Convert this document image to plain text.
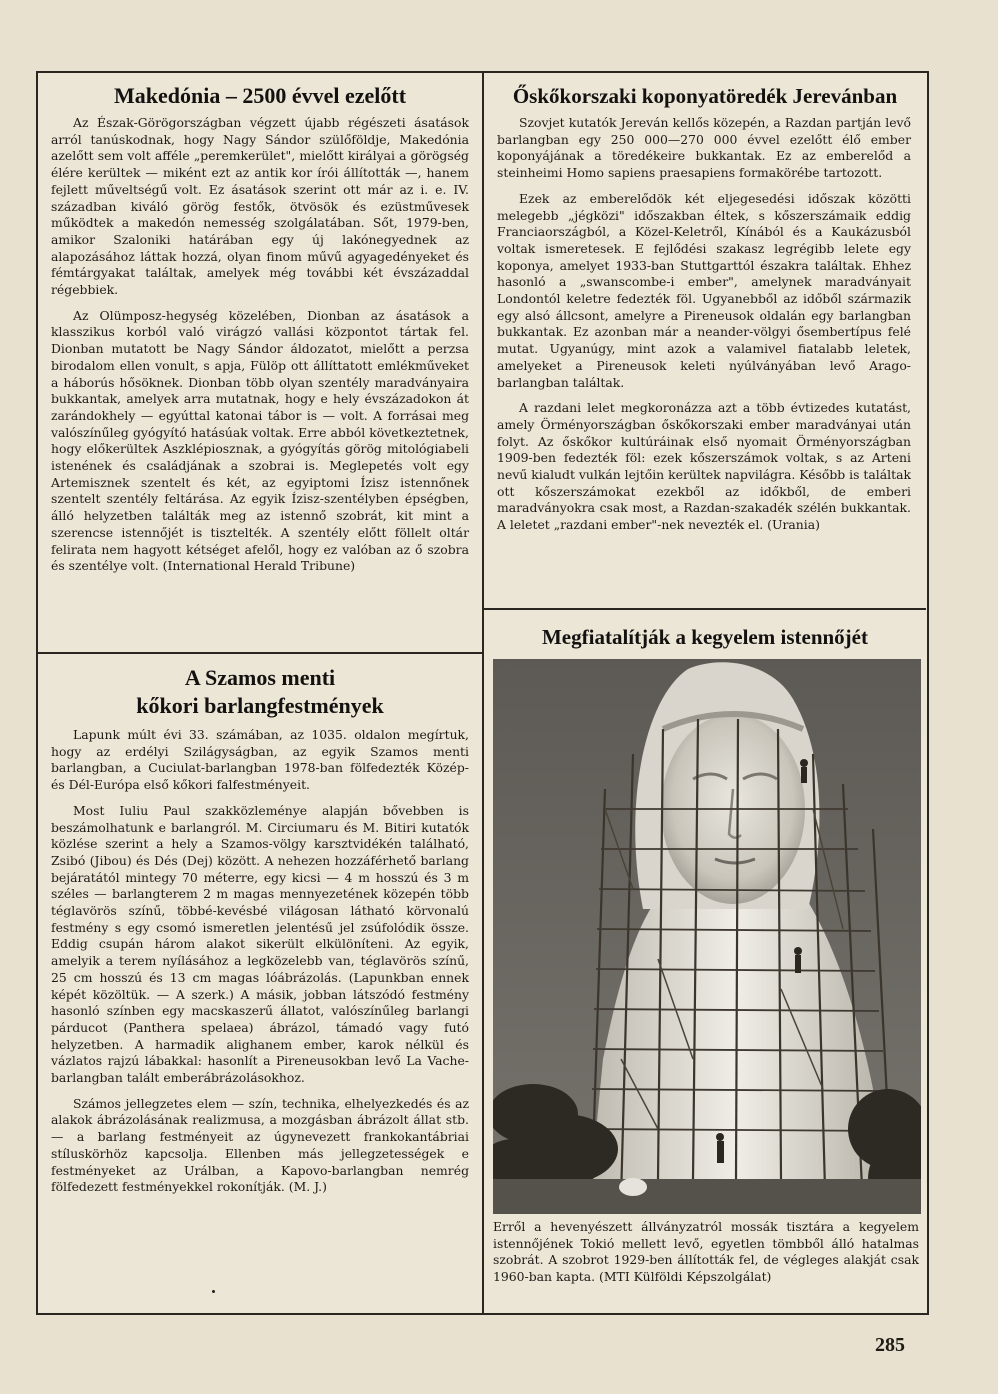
Makedónia – 2500 évvel ezelőtt

Az Észak-Görögországban végzett újabb régészeti ásatások arról tanúskodnak, hogy Nagy Sándor szülőföldje, Makedónia azelőtt sem volt afféle „peremkerület", mielőtt királyai a görögség élére kerültek — miként ezt az antik kor írói állították —, hanem fejlett műveltségű volt. Ez ásatások szerint ott már az i. e. IV. században kiváló görög festők, ötvösök és ezüstművesek működtek a makedón nemesség szolgálatában. Sőt, 1979-ben, amikor Szaloniki határában egy új lakónegyednek az alapozásához láttak hozzá, olyan finom művű agyagedényeket és fémtárgyakat találtak, amelyek még további két évszázaddal régebbiek.

Az Olümposz-hegység közelében, Dionban az ásatások a klasszikus korból való virágzó vallási központot tártak fel. Dionban mutatott be Nagy Sándor áldozatot, mielőtt a perzsa birodalom ellen vonult, s apja, Fülöp ott állíttatott emlékműveket a háborús hősöknek. Dionban több olyan szentély maradványaira bukkantak, amelyek arra mutatnak, hogy e hely évszázadokon át zarándokhely — egyúttal katonai tábor is — volt. A forrásai meg valószínűleg gyógyító hatásúak voltak. Erre abból következtetnek, hogy előkerültek Aszklépiosznak, a gyógyítás görög mitológiabeli istenének és családjának a szobrai is. Meglepetés volt egy Artemisznek szentelt és két, az egyiptomi Ízisz istennőnek szentelt szentély feltárása. Az egyik Ízisz-szentélyben épségben, álló helyzetben találták meg az istennő szobrát, kit mint a szerencse istennőjét is tisztelték. A szentély előtt föllelt oltár felirata nem hagyott kétséget afelől, hogy ez valóban az ő szobra és szentélye volt. (International Herald Tribune)

Őskőkorszaki koponyatöredék Jerevánban

Szovjet kutatók Jereván kellős közepén, a Razdan partján levő barlangban egy 250 000—270 000 évvel ezelőtt élő ember koponyájának a töredékeire bukkantak. Ez az emberelőd a steinheimi Homo sapiens praesapiens formakörébe tartozott.

Ezek az emberelődök két eljegesedési időszak közötti melegebb „jégközi" időszakban éltek, s kőszerszámaik eddig Franciaországból, a Közel-Keletről, Kínából és a Kaukázusból voltak ismeretesek. E fejlődési szakasz legrégibb lelete egy koponya, amelyet 1933-ban Stuttgarttól északra találtak. Ehhez hasonló a „swanscombe-i ember", amelynek maradványait Londontól keletre fedezték föl. Ugyanebből az időből származik egy alsó állcsont, amelyre a Pireneusok oldalán egy barlangban bukkantak. Ez azonban már a neander-völgyi ősembertípus felé mutat. Ugyanúgy, mint azok a valamivel fiatalabb leletek, amelyeket a Pireneusok keleti nyúlványában levő Arago-barlangban találtak.

A razdani lelet megkoronázza azt a több évtizedes kutatást, amely Örményországban őskőkorszaki ember maradványai után folyt. Az őskőkor kultúráinak első nyomait Örményországban 1909-ben fedezték föl: ezek kőszerszámok voltak, s az Arteni nevű kialudt vulkán lejtőin kerültek napvilágra. Később is találtak ott kőszerszámokat ezekből az időkből, de emberi maradványokra csak most, a Razdan-szakadék szélén bukkantak. A leletet „razdani ember"-nek nevezték el. (Urania)

A Szamos menti
kőkori barlangfestmények

Lapunk múlt évi 33. számában, az 1035. oldalon megírtuk, hogy az erdélyi Szilágyságban, az egyik Szamos menti barlangban, a Cuciulat-barlangban 1978-ban fölfedezték Közép- és Dél-Európa első kőkori falfestményeit.

Most Iuliu Paul szakközleménye alapján bővebben is beszámolhatunk e barlangról. M. Circiumaru és M. Bitiri kutatók közlése szerint a hely a Szamos-völgy karsztvidékén található, Zsibó (Jibou) és Dés (Dej) között. A nehezen hozzáférhető barlang bejáratától mintegy 70 méterre, egy kicsi — 4 m hosszú és 3 m széles — barlangterem 2 m magas mennyezetének közepén több téglavörös színű, többé-kevésbé világosan látható körvonalú festmény s egy csomó ismeretlen jelentésű jel zsúfolódik össze. Eddig csupán három alakot sikerült elkülöníteni. Az egyik, amelyik a terem nyílásához a legközelebb van, téglavörös színű, 25 cm hosszú és 13 cm magas lóábrázolás. (Lapunkban ennek képét közöltük. — A szerk.) A másik, jobban látszódó festmény hasonló színben egy macskaszerű állatot, valószínűleg barlangi párducot (Panthera spelaea) ábrázol, támadó vagy futó helyzetben. A harmadik alighanem ember, karok nélkül és vázlatos rajzú lábakkal: hasonlít a Pireneusokban levő La Vache-barlangban talált emberábrázolásokhoz.

Számos jellegzetes elem — szín, technika, elhelyezkedés és az alakok ábrázolásának realizmusa, a mozgásban ábrázolt állat stb. — a barlang festményeit az úgynevezett frankokantábriai stíluskörhöz kapcsolja. Ellenben más jellegzetességek e festményeket az Urálban, a Kapovo-barlangban nemrég fölfedezett festményekkel rokonítják. (M. J.)

Megfiatalítják a kegyelem istennőjét
Erről a hevenyészett állványzatról mossák tisztára a kegyelem istennőjének Tokió mellett levő, egyetlen tömbből álló hatalmas szobrát. A szobrot 1929-ben állították fel, de végleges alakját csak 1960-ban kapta. (MTI Külföldi Képszolgálat)
285
